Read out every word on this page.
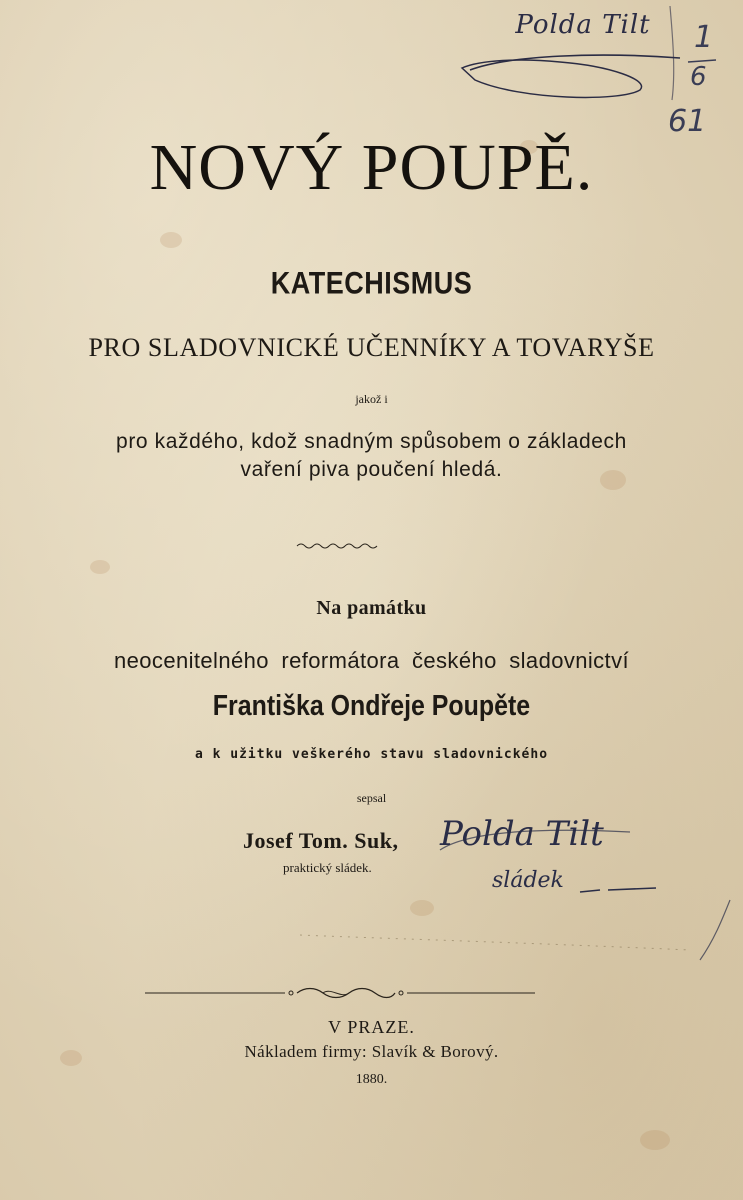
Poldа Tilt	1
6
61
NOVÝ POUPĚ.
KATECHISMUS
PRO SLADOVNICKÉ UČENNÍKY A TOVARYŠE
jakož i
pro každého, kdož snadným spůsobem o základech
vaření piva poučení hledá.
Na památku
neocenitelného reformátora českého sladovnictví
Františka Ondřeje Poupěte
a k užitku veškerého stavu sladovnického
sepsal
Josef Tom. Suk,
praktický sládek.
Polda Tilt
sládek
V PRAZE.
Nákladem firmy: Slavík & Borový.
1880.
